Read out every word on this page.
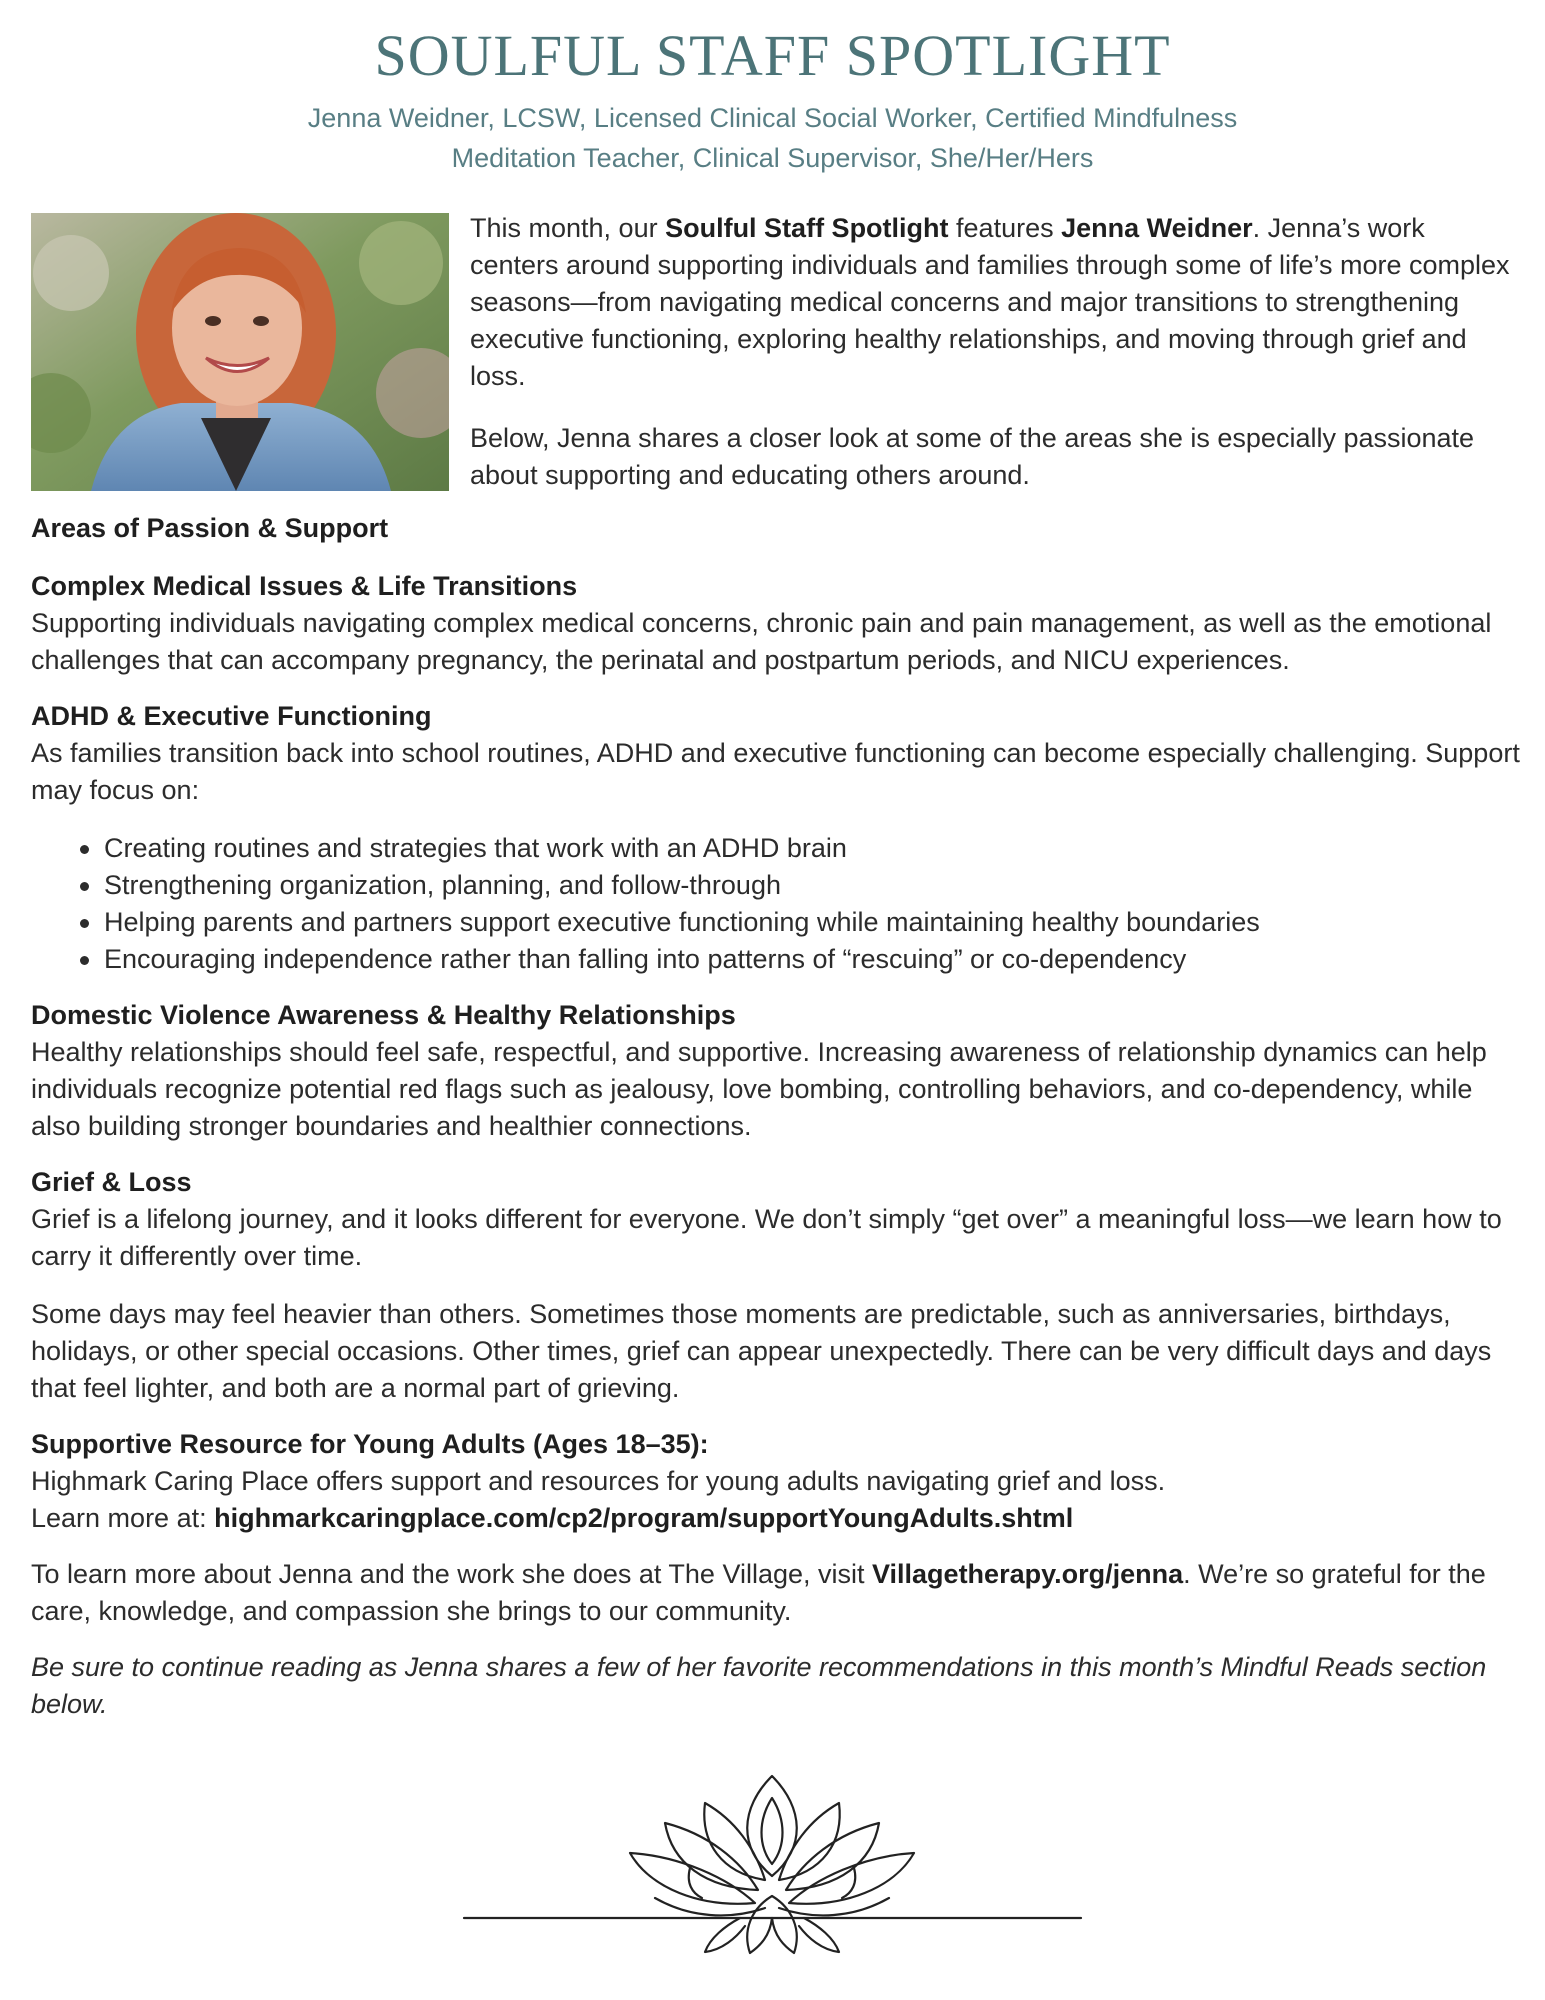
SOULFUL STAFF SPOTLIGHT

Jenna Weidner, LCSW, Licensed Clinical Social Worker, Certified Mindfulness
Meditation Teacher, Clinical Supervisor, She/Her/Hers

This month, our Soulful Staff Spotlight features Jenna Weidner. Jenna’s work centers around supporting individuals and families through some of life’s more complex seasons—from navigating medical concerns and major transitions to strengthening executive functioning, exploring healthy relationships, and moving through grief and loss.

Below, Jenna shares a closer look at some of the areas she is especially passionate about supporting and educating others around.

Areas of Passion & Support

Complex Medical Issues & Life Transitions

Supporting individuals navigating complex medical concerns, chronic pain and pain management, as well as the emotional challenges that can accompany pregnancy, the perinatal and postpartum periods, and NICU experiences.

ADHD & Executive Functioning

As families transition back into school routines, ADHD and executive functioning can become especially challenging. Support may focus on:

Creating routines and strategies that work with an ADHD brain
Strengthening organization, planning, and follow-through
Helping parents and partners support executive functioning while maintaining healthy boundaries
Encouraging independence rather than falling into patterns of “rescuing” or co-dependency

Domestic Violence Awareness & Healthy Relationships

Healthy relationships should feel safe, respectful, and supportive. Increasing awareness of relationship dynamics can help individuals recognize potential red flags such as jealousy, love bombing, controlling behaviors, and co-dependency, while also building stronger boundaries and healthier connections.

Grief & Loss

Grief is a lifelong journey, and it looks different for everyone. We don’t simply “get over” a meaningful loss—we learn how to carry it differently over time.

Some days may feel heavier than others. Sometimes those moments are predictable, such as anniversaries, birthdays, holidays, or other special occasions. Other times, grief can appear unexpectedly. There can be very difficult days and days that feel lighter, and both are a normal part of grieving.

Supportive Resource for Young Adults (Ages 18–35):

Highmark Caring Place offers support and resources for young adults navigating grief and loss.

Learn more at: highmarkcaringplace.com/cp2/program/supportYoungAdults.shtml

To learn more about Jenna and the work she does at The Village, visit Villagetherapy.org/jenna. We’re so grateful for the care, knowledge, and compassion she brings to our community.

Be sure to continue reading as Jenna shares a few of her favorite recommendations in this month’s Mindful Reads section below.
